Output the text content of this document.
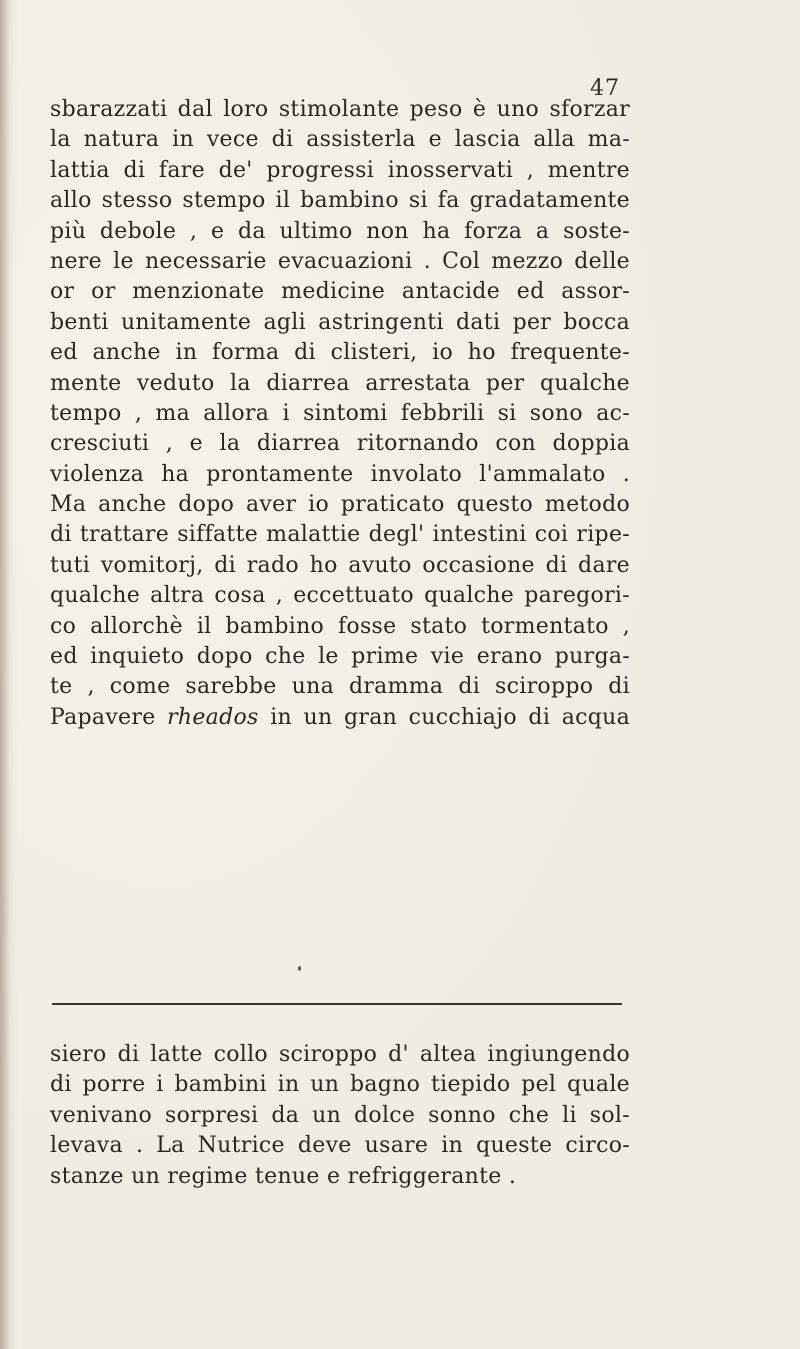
47
sbarazzati dal loro stimolante peso è uno sforzar
la natura in vece di assisterla e lascia alla ma-
lattia di fare de' progressi inosservati , mentre
allo stesso stempo il bambino si fa gradatamente
più debole , e da ultimo non ha forza a soste-
nere le necessarie evacuazioni . Col mezzo delle
or or menzionate medicine antacide ed assor-
benti unitamente agli astringenti dati per bocca
ed anche in forma di clisteri, io ho frequente-
mente veduto la diarrea arrestata per qualche
tempo , ma allora i sintomi febbrili si sono ac-
cresciuti , e la diarrea ritornando con doppia
violenza ha prontamente involato l'ammalato .
Ma anche dopo aver io praticato questo metodo
di trattare siffatte malattie degl' intestini coi ripe-
tuti vomitorj, di rado ho avuto occasione di dare
qualche altra cosa , eccettuato qualche paregori-
co allorchè il bambino fosse stato tormentato ,
ed inquieto dopo che le prime vie erano purga-
te , come sarebbe una dramma di sciroppo di
Papavere rheados in un gran cucchiajo di acqua
siero di latte collo sciroppo d' altea ingiungendo
di porre i bambini in un bagno tiepido pel quale
venivano sorpresi da un dolce sonno che li sol-
levava . La Nutrice deve usare in queste circo-
stanze un regime tenue e refriggerante .
